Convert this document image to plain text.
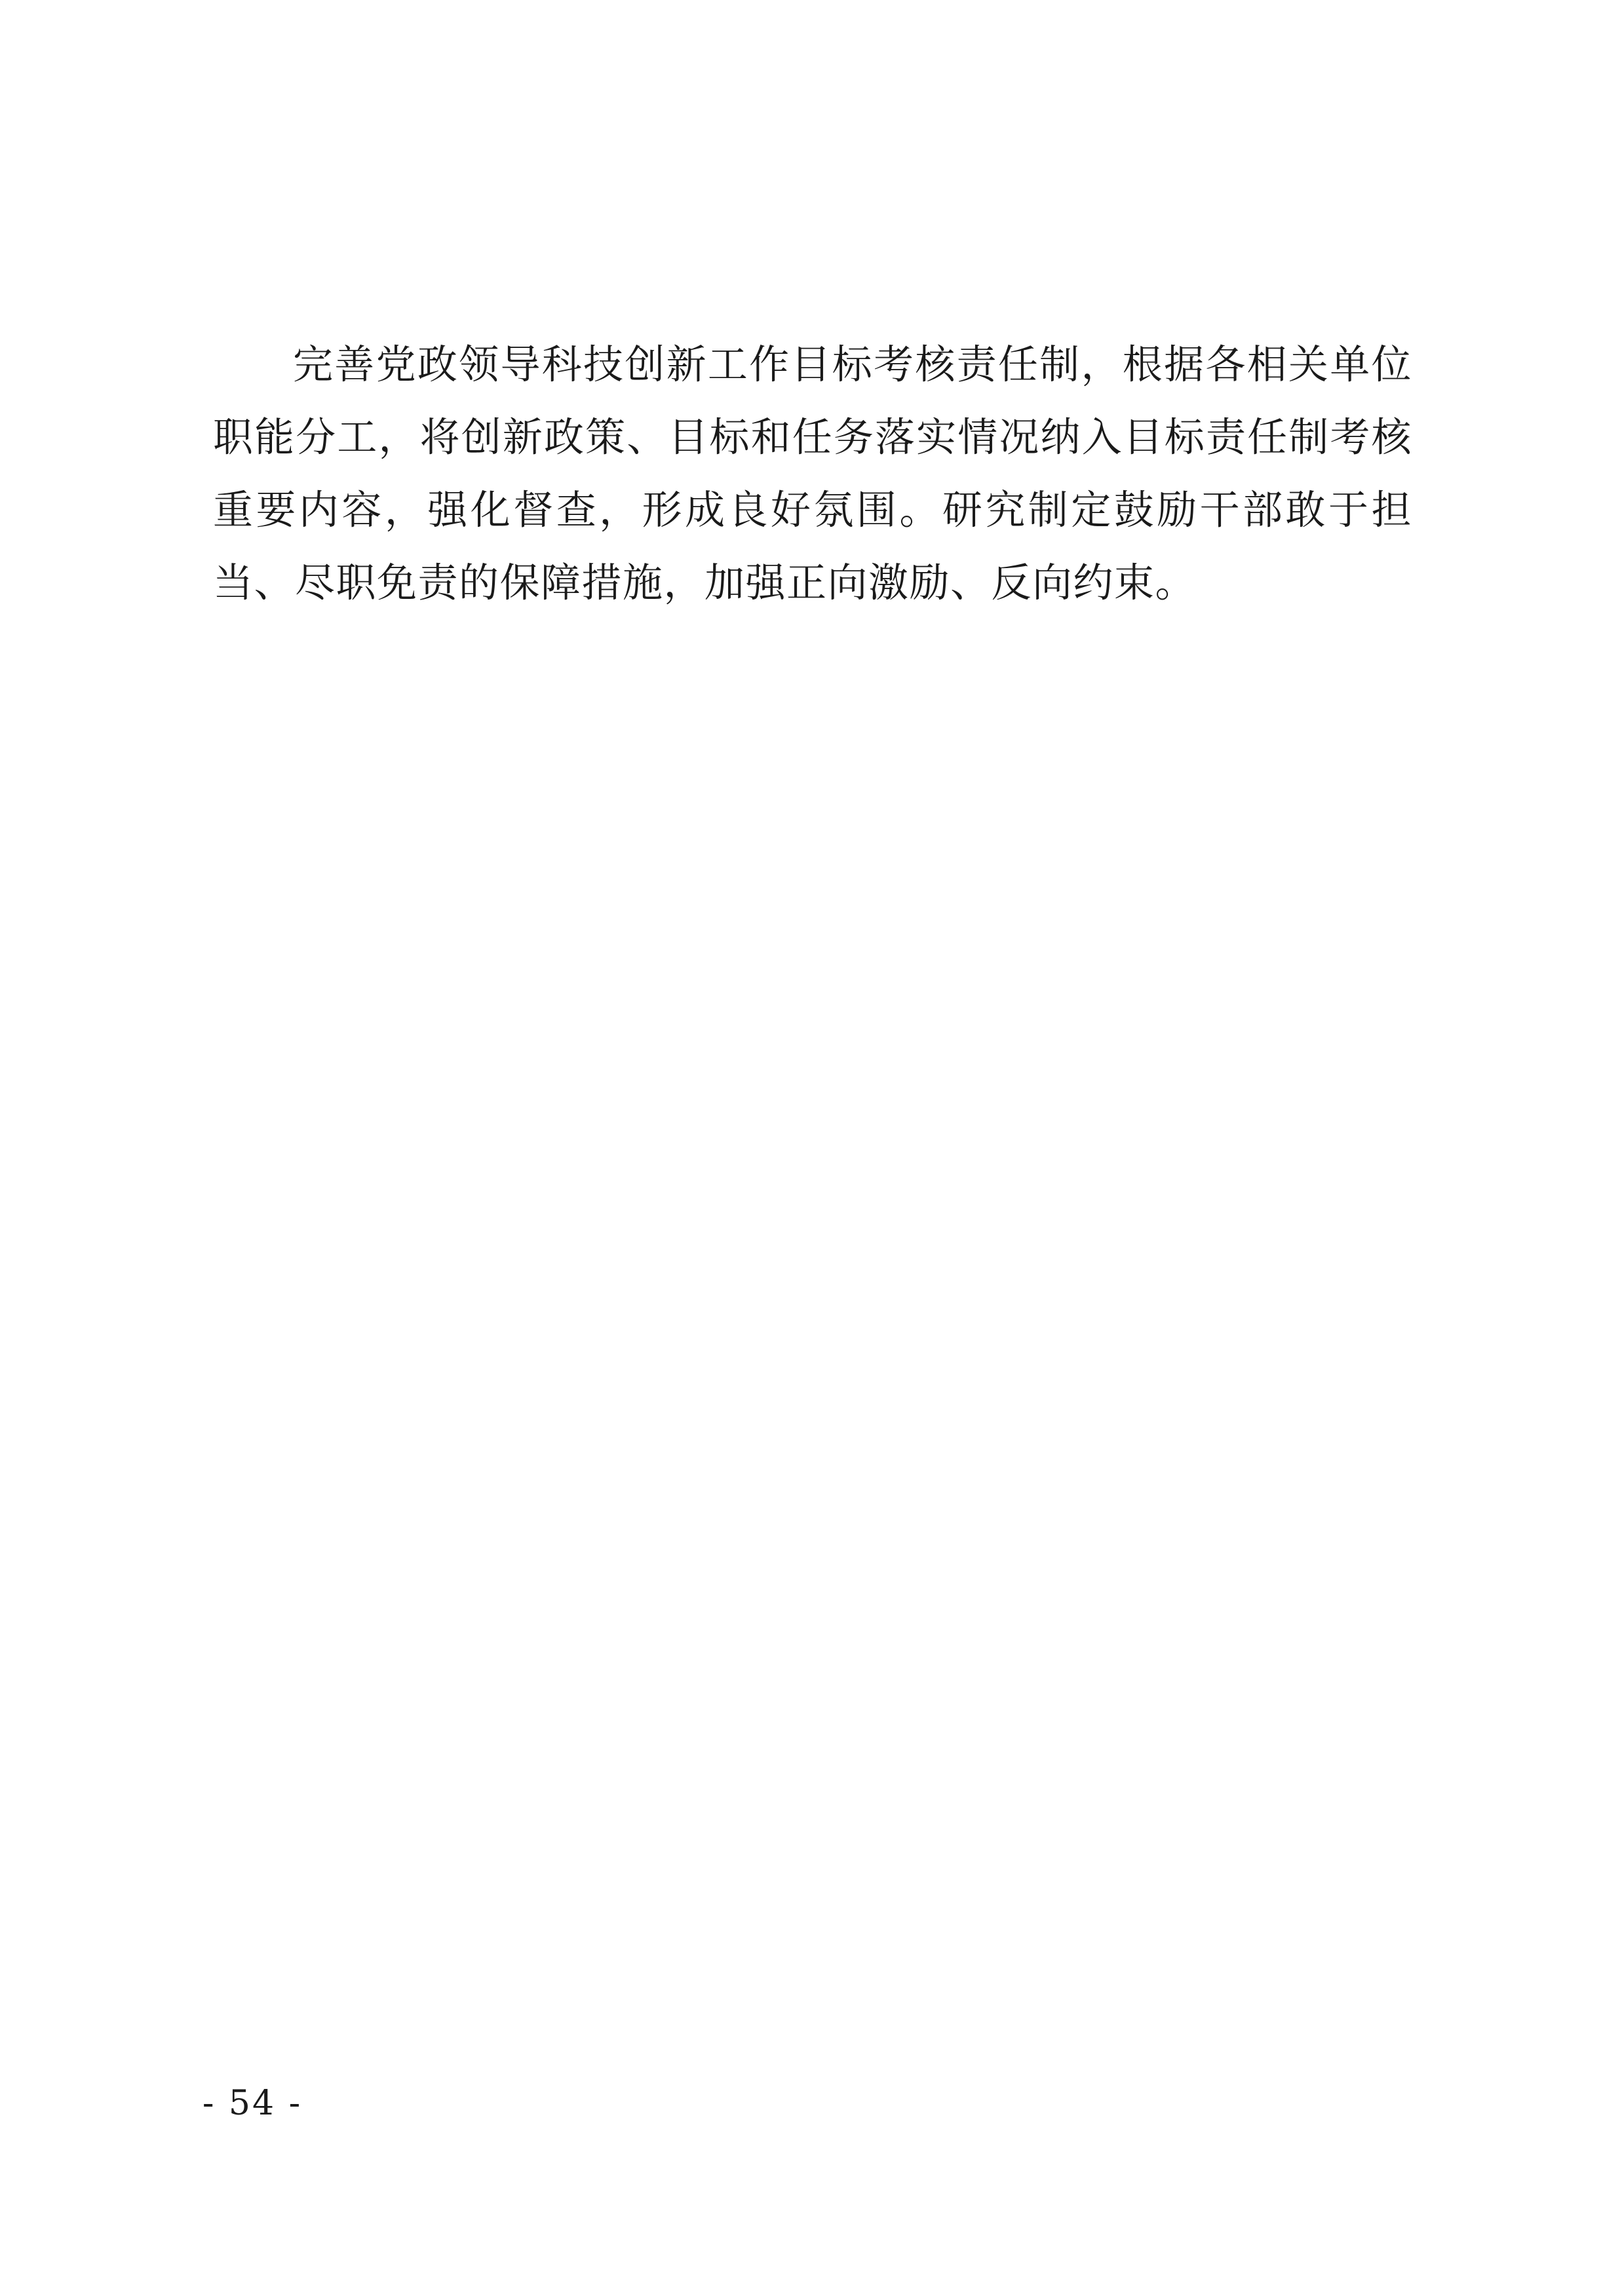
完善党政领导科技创新工作目标考核责任制，根据各相关单位职能分工，将创新政策、目标和任务落实情况纳入目标责任制考核重要内容，强化督查，形成良好氛围。研究制定鼓励干部敢于担当、尽职免责的保障措施，加强正向激励、反向约束。

- 54 -
